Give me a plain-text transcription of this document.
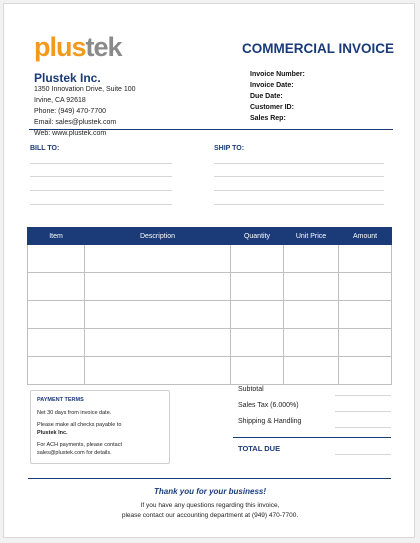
plustek	COMMERCIAL INVOICE
Plustek Inc.
1350 Innovation Drive, Suite 100
Irvine, CA 92618
Phone: (949) 470-7700
Email: sales@plustek.com
Web: www.plustek.com
Invoice Number:
Invoice Date:
Due Date:
Customer ID:
Sales Rep:
BILL TO:	SHIP TO:
Item	Description	Quantity	Unit Price	Amount

PAYMENT TERMS

Net 30 days from invoice date.

Please make all checks payable to
Plustek Inc.

For ACH payments, please contact
sales@plustek.com for details.

Subtotal
Sales Tax (6.000%)
Shipping & Handling
TOTAL DUE
Thank you for your business!
If you have any questions regarding this invoice,
please contact our accounting department at (949) 470-7700.
